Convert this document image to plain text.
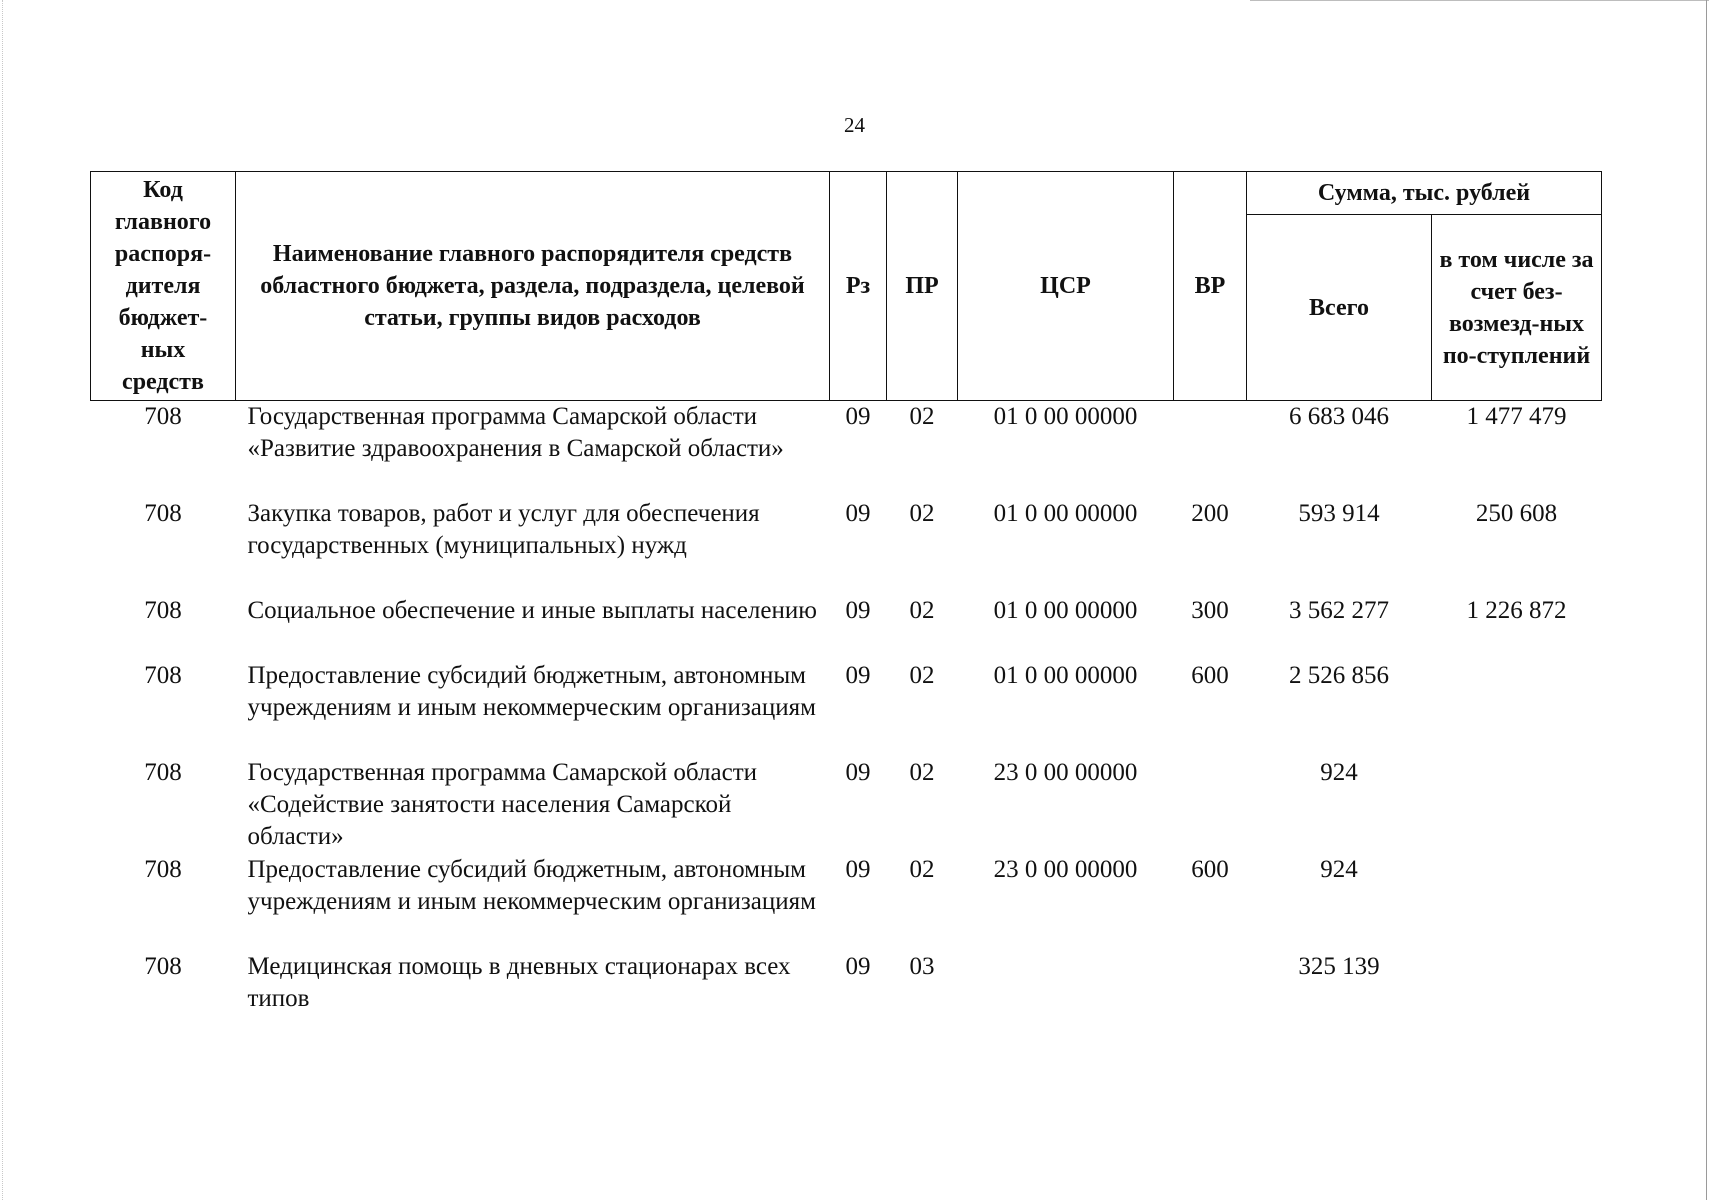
24
Код главного распоря-дителя бюджет-ных средств	Наименование главного распорядителя средств областного бюджета, раздела, подраздела, целевой статьи, группы видов расходов	Рз	ПР	ЦСР	ВР	Сумма, тыс. рублей	
						Всего	в том числе за счет без-возмезд-ных по-ступлений
708	Государственная программа Самарской области «Развитие здравоохранения в Самарской области»	09	02	01 0 00 00000		6 683 046	1 477 479
708	Закупка товаров, работ и услуг для обеспечения государственных (муниципальных) нужд	09	02	01 0 00 00000	200	593 914	250 608
708	Социальное обеспечение и иные выплаты населению	09	02	01 0 00 00000	300	3 562 277	1 226 872
708	Предоставление субсидий бюджетным, автономным учреждениям и иным некоммерческим организациям	09	02	01 0 00 00000	600	2 526 856	
708	Государственная программа Самарской области «Содействие занятости населения Самарской области»	09	02	23 0 00 00000		924	
708	Предоставление субсидий бюджетным, автономным учреждениям и иным некоммерческим организациям	09	02	23 0 00 00000	600	924	
708	Медицинская помощь в дневных стационарах всех типов	09	03			325 139	
